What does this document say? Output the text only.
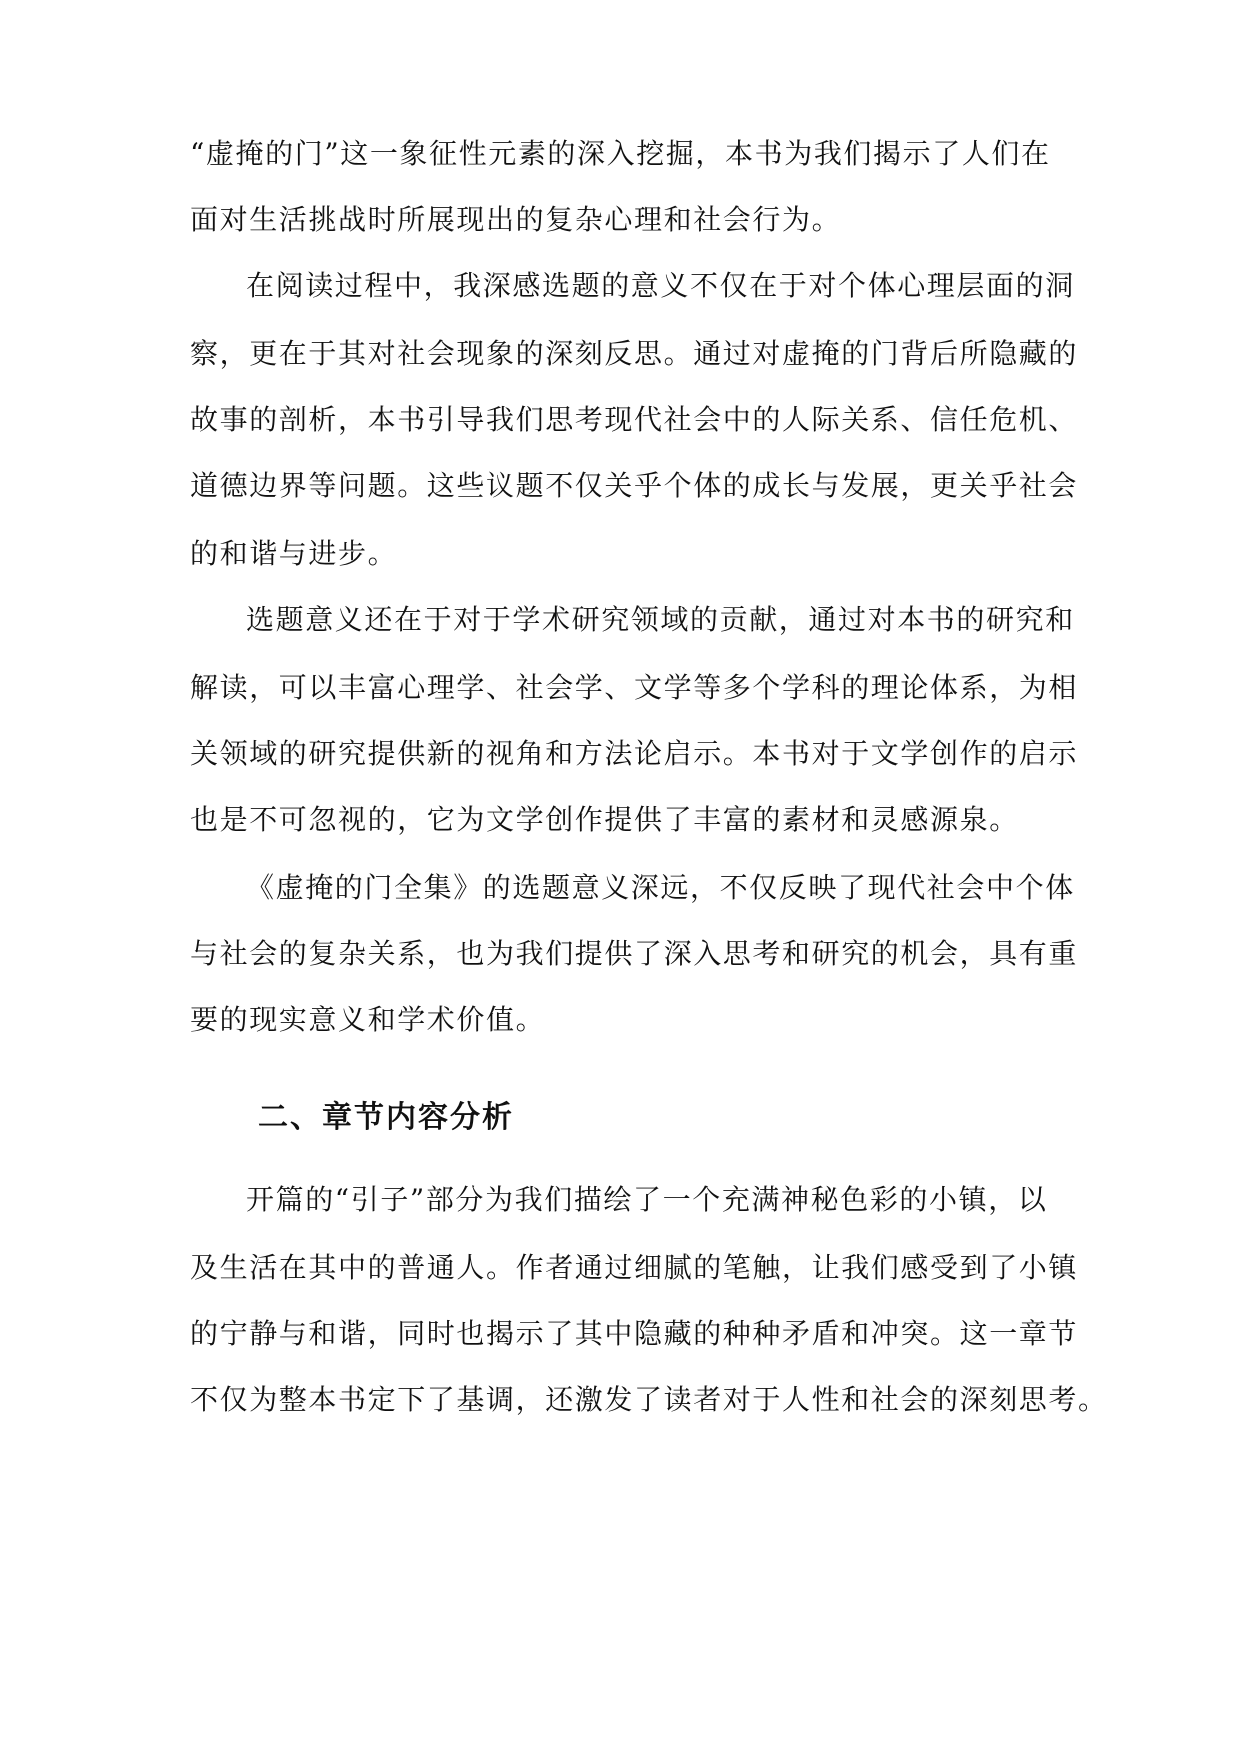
“虚掩的门”这一象征性元素的深入挖掘，本书为我们揭示了人们在
面对生活挑战时所展现出的复杂心理和社会行为。
在阅读过程中，我深感选题的意义不仅在于对个体心理层面的洞
察，更在于其对社会现象的深刻反思。通过对虚掩的门背后所隐藏的
故事的剖析，本书引导我们思考现代社会中的人际关系、信任危机、
道德边界等问题。这些议题不仅关乎个体的成长与发展，更关乎社会
的和谐与进步。
选题意义还在于对于学术研究领域的贡献，通过对本书的研究和
解读，可以丰富心理学、社会学、文学等多个学科的理论体系，为相
关领域的研究提供新的视角和方法论启示。本书对于文学创作的启示
也是不可忽视的，它为文学创作提供了丰富的素材和灵感源泉。
《虚掩的门全集》的选题意义深远，不仅反映了现代社会中个体
与社会的复杂关系，也为我们提供了深入思考和研究的机会，具有重
要的现实意义和学术价值。
二、章节内容分析
开篇的“引子”部分为我们描绘了一个充满神秘色彩的小镇，以
及生活在其中的普通人。作者通过细腻的笔触，让我们感受到了小镇
的宁静与和谐，同时也揭示了其中隐藏的种种矛盾和冲突。这一章节
不仅为整本书定下了基调，还激发了读者对于人性和社会的深刻思考。
